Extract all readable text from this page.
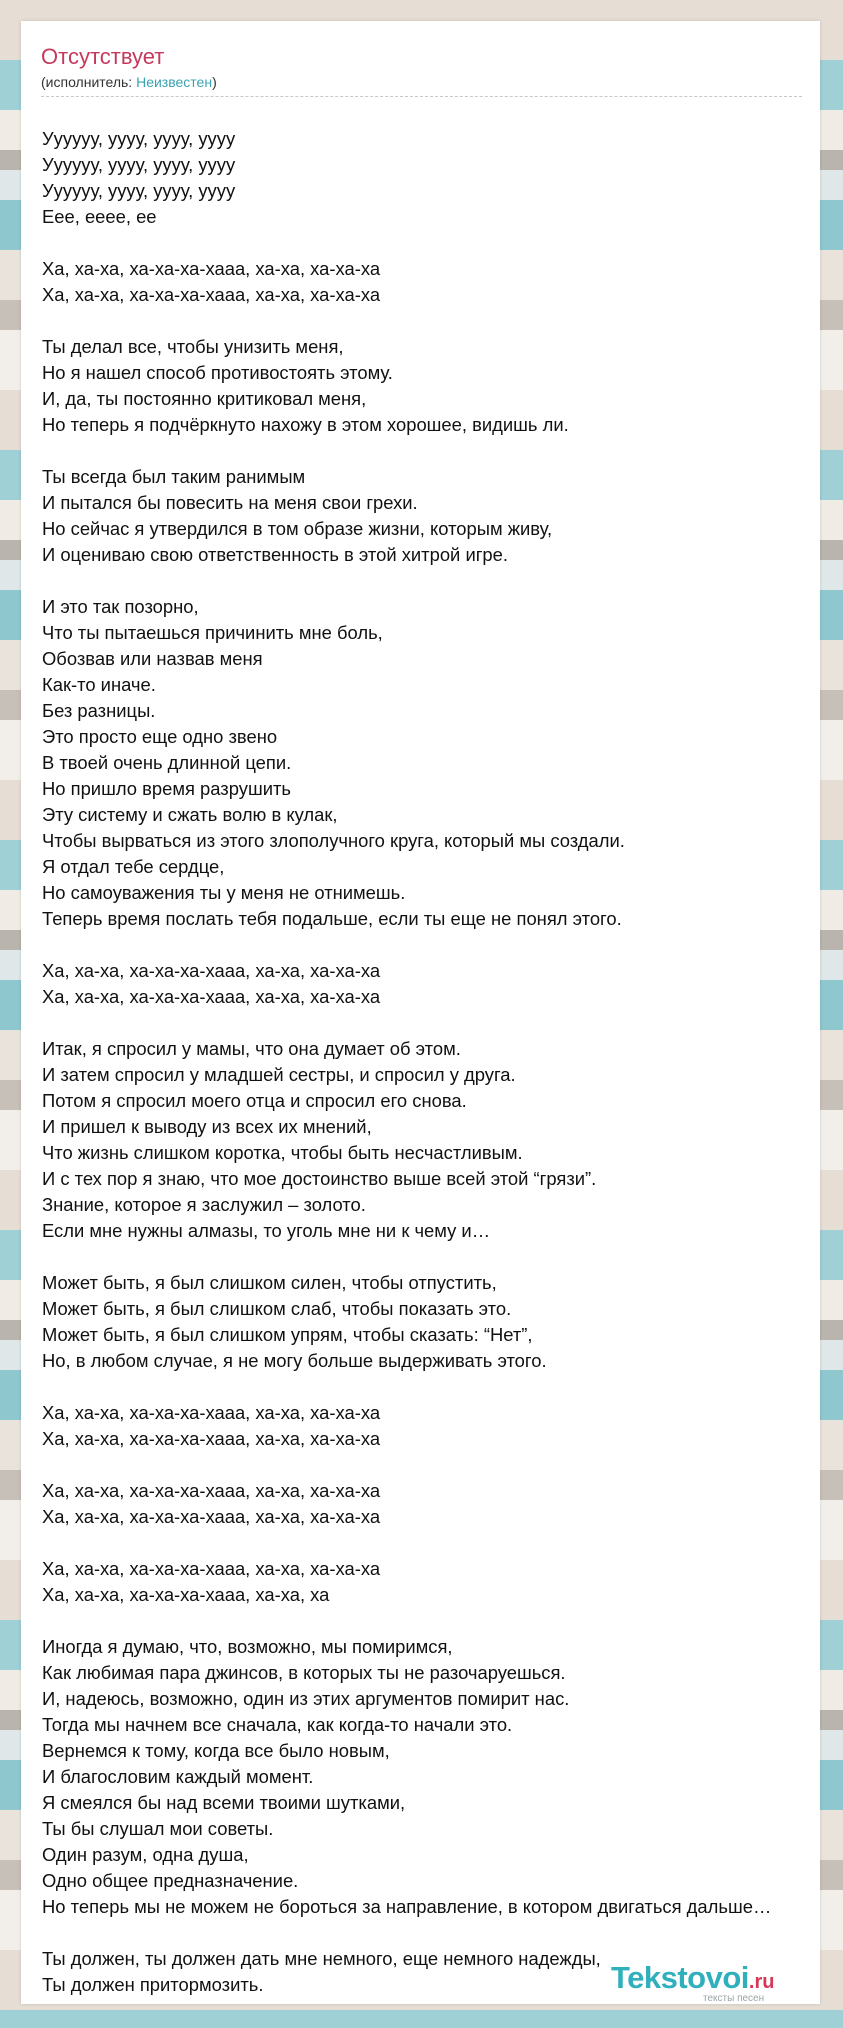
Отсутствует
(исполнитель: Неизвестен)
Уууууу, уууу, уууу, уууу
Уууууу, уууу, уууу, уууу
Уууууу, уууу, уууу, уууу
Еее, ееее, ее
Ха, ха-ха, ха-ха-ха-хааа, ха-ха, ха-ха-ха
Ха, ха-ха, ха-ха-ха-хааа, ха-ха, ха-ха-ха
Ты делал все, чтобы унизить меня,
Но я нашел способ противостоять этому.
И, да, ты постоянно критиковал меня,
Но теперь я подчёркнуто нахожу в этом хорошее, видишь ли.
Ты всегда был таким ранимым
И пытался бы повесить на меня свои грехи.
Но сейчас я утвердился в том образе жизни, которым живу,
И оцениваю свою ответственность в этой хитрой игре.
И это так позорно,
Что ты пытаешься причинить мне боль,
Обозвав или назвав меня
Как-то иначе.
Без разницы.
Это просто еще одно звено
В твоей очень длинной цепи.
Но пришло время разрушить
Эту систему и сжать волю в кулак,
Чтобы вырваться из этого злополучного круга, который мы создали.
Я отдал тебе сердце,
Но самоуважения ты у меня не отнимешь.
Теперь время послать тебя подальше, если ты еще не понял этого.
Ха, ха-ха, ха-ха-ха-хааа, ха-ха, ха-ха-ха
Ха, ха-ха, ха-ха-ха-хааа, ха-ха, ха-ха-ха
Итак, я спросил у мамы, что она думает об этом.
И затем спросил у младшей сестры, и спросил у друга.
Потом я спросил моего отца и спросил его снова.
И пришел к выводу из всех их мнений,
Что жизнь слишком коротка, чтобы быть несчастливым.
И с тех пор я знаю, что мое достоинство выше всей этой “грязи”.
Знание, которое я заслужил – золото.
Если мне нужны алмазы, то уголь мне ни к чему и…
Может быть, я был слишком силен, чтобы отпустить,
Может быть, я был слишком слаб, чтобы показать это.
Может быть, я был слишком упрям, чтобы сказать: “Нет”,
Но, в любом случае, я не могу больше выдерживать этого.
Ха, ха-ха, ха-ха-ха-хааа, ха-ха, ха-ха-ха
Ха, ха-ха, ха-ха-ха-хааа, ха-ха, ха-ха-ха
Ха, ха-ха, ха-ха-ха-хааа, ха-ха, ха-ха-ха
Ха, ха-ха, ха-ха-ха-хааа, ха-ха, ха-ха-ха
Ха, ха-ха, ха-ха-ха-хааа, ха-ха, ха-ха-ха
Ха, ха-ха, ха-ха-ха-хааа, ха-ха, ха
Иногда я думаю, что, возможно, мы помиримся,
Как любимая пара джинсов, в которых ты не разочаруешься.
И, надеюсь, возможно, один из этих аргументов помирит нас.
Тогда мы начнем все сначала, как когда-то начали это.
Вернемся к тому, когда все было новым,
И благословим каждый момент.
Я смеялся бы над всеми твоими шутками,
Ты бы слушал мои советы.
Один разум, одна душа,
Одно общее предназначение.
Но теперь мы не можем не бороться за направление, в котором двигаться дальше…
Ты должен, ты должен дать мне немного, еще немного надежды,
Ты должен притормозить.	Tekstovoi.ru
тексты песен
